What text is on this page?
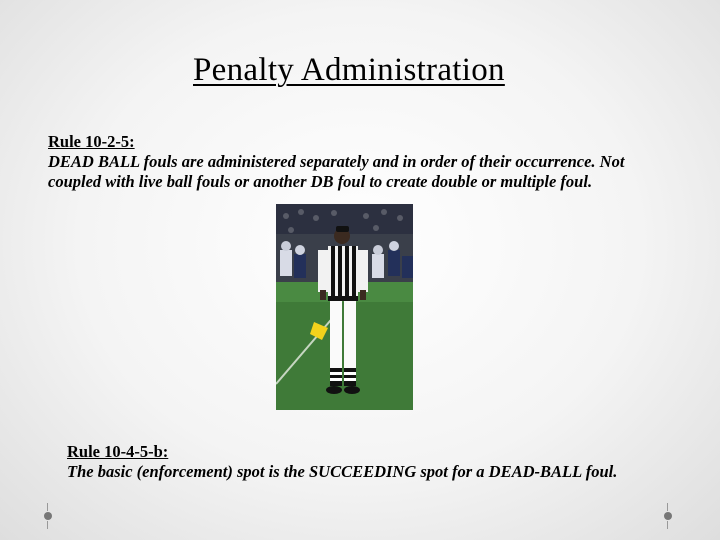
Penalty Administration
Rule 10-2-5:
DEAD BALL fouls are administered separately and in order of their occurrence. Not coupled with live ball fouls or another DB foul to create double or multiple foul.
Rule 10-4-5-b:
The basic (enforcement) spot is the SUCCEEDING spot for a DEAD-BALL foul.
